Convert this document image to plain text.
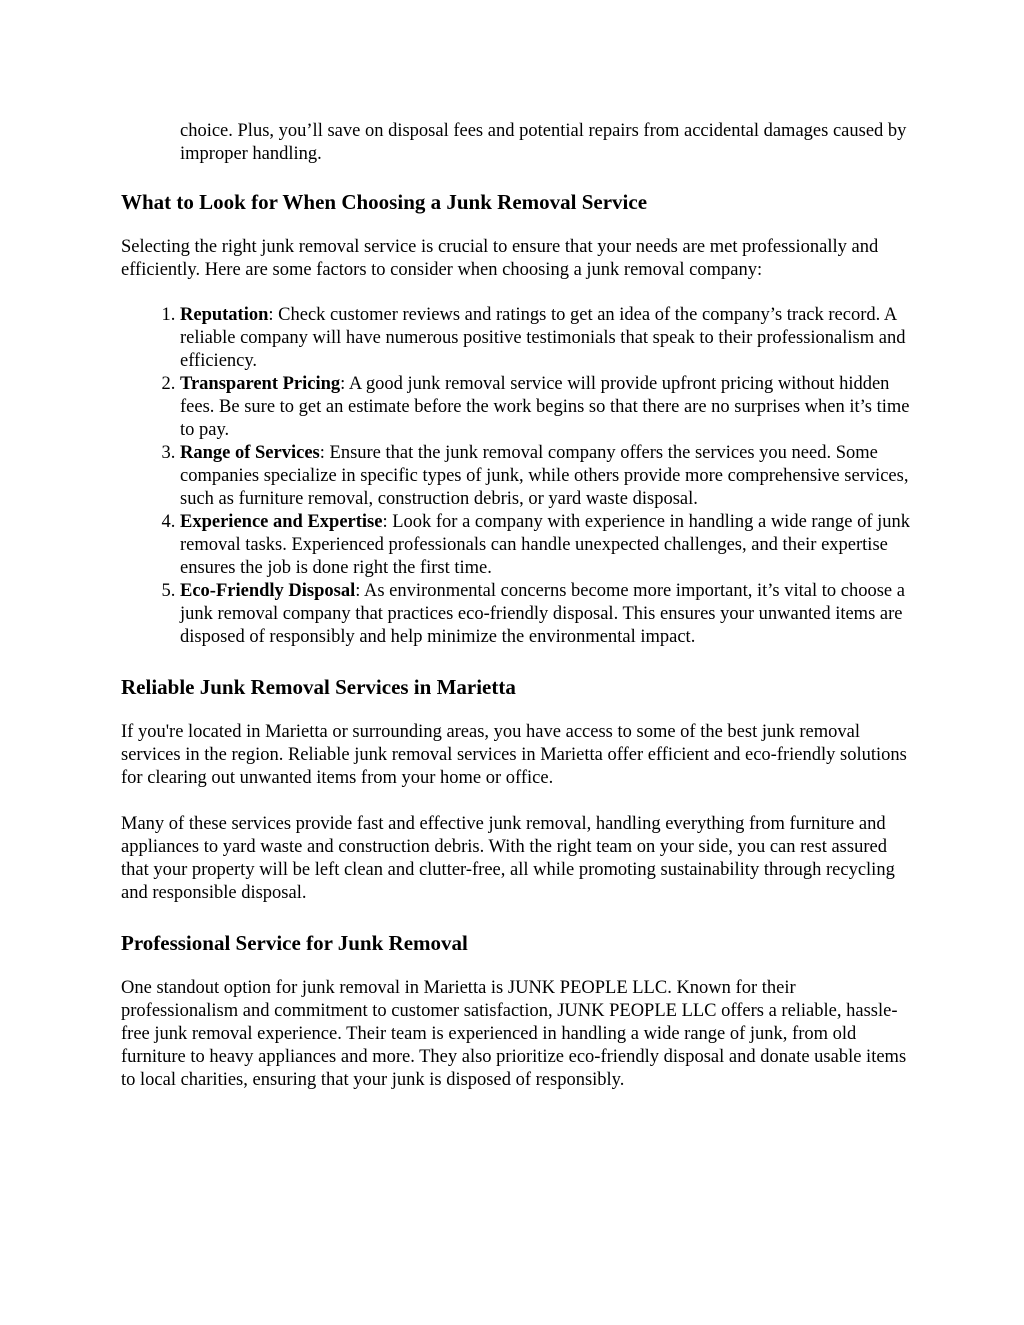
choice. Plus, you’ll save on disposal fees and potential repairs from accidental damages caused by improper handling.

What to Look for When Choosing a Junk Removal Service

Selecting the right junk removal service is crucial to ensure that your needs are met professionally and efficiently. Here are some factors to consider when choosing a junk removal company:

1. Reputation: Check customer reviews and ratings to get an idea of the company’s track record. A reliable company will have numerous positive testimonials that speak to their professionalism and efficiency.
2. Transparent Pricing: A good junk removal service will provide upfront pricing without hidden fees. Be sure to get an estimate before the work begins so that there are no surprises when it’s time to pay.
3. Range of Services: Ensure that the junk removal company offers the services you need. Some companies specialize in specific types of junk, while others provide more comprehensive services, such as furniture removal, construction debris, or yard waste disposal.
4. Experience and Expertise: Look for a company with experience in handling a wide range of junk removal tasks. Experienced professionals can handle unexpected challenges, and their expertise ensures the job is done right the first time.
5. Eco-Friendly Disposal: As environmental concerns become more important, it’s vital to choose a junk removal company that practices eco-friendly disposal. This ensures your unwanted items are disposed of responsibly and help minimize the environmental impact.
Reliable Junk Removal Services in Marietta

If you're located in Marietta or surrounding areas, you have access to some of the best junk removal services in the region. Reliable junk removal services in Marietta offer efficient and eco-friendly solutions for clearing out unwanted items from your home or office.

Many of these services provide fast and effective junk removal, handling everything from furniture and appliances to yard waste and construction debris. With the right team on your side, you can rest assured that your property will be left clean and clutter-free, all while promoting sustainability through recycling and responsible disposal.

Professional Service for Junk Removal

One standout option for junk removal in Marietta is JUNK PEOPLE LLC. Known for their professionalism and commitment to customer satisfaction, JUNK PEOPLE LLC offers a reliable, hassle-free junk removal experience. Their team is experienced in handling a wide range of junk, from old furniture to heavy appliances and more. They also prioritize eco-friendly disposal and donate usable items to local charities, ensuring that your junk is disposed of responsibly.
